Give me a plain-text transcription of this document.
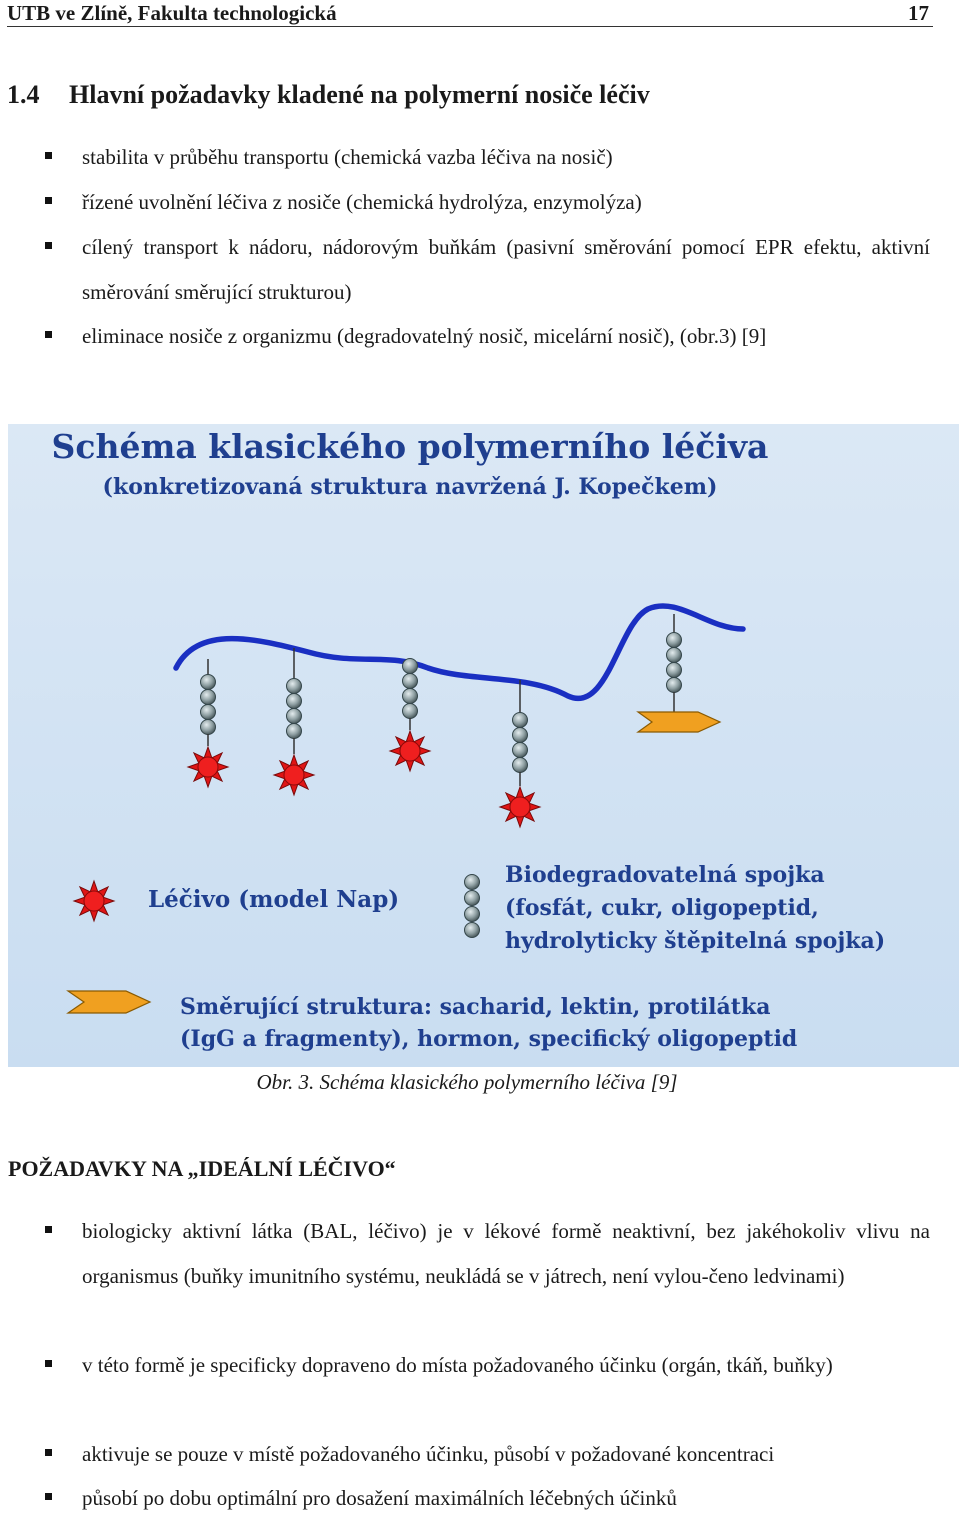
UTB ve Zlíně, Fakulta technologická	17
1.4 Hlavní požadavky kladené na polymerní nosiče léčiv

stabilita v průběhu transportu (chemická vazba léčiva na nosič)

řízené uvolnění léčiva z nosiče (chemická hydrolýza, enzymolýza)

cílený transport k nádoru, nádorovým buňkám (pasivní směrování pomocí EPR efektu, aktivní směrování směrující strukturou)

eliminace nosiče z organizmu (degradovatelný nosič, micelární nosič), (obr.3) [9]

Schéma klasického polymerního léčiva
(konkretizovaná struktura navržená J. Kopečkem)
Léčivo (model Nap)
Biodegradovatelná spojka
(fosfát, cukr, oligopeptid,
hydrolyticky štěpitelná spojka)
Směrující struktura: sacharid, lektin, protilátka
(IgG a fragmenty), hormon, specifický oligopeptid
Obr. 3. Schéma klasického polymerního léčiva [9]
POŽADAVKY NA „IDEÁLNÍ LÉČIVO“

biologicky aktivní látka (BAL, léčivo) je v lékové formě neaktivní, bez jakéhokoliv vlivu na organismus (buňky imunitního systému, neukládá se v játrech, není vylou-čeno ledvinami)

v této formě je specificky dopraveno do místa požadovaného účinku (orgán, tkáň, buňky)

aktivuje se pouze v místě požadovaného účinku, působí v požadované koncentraci

působí po dobu optimální pro dosažení maximálních léčebných účinků
